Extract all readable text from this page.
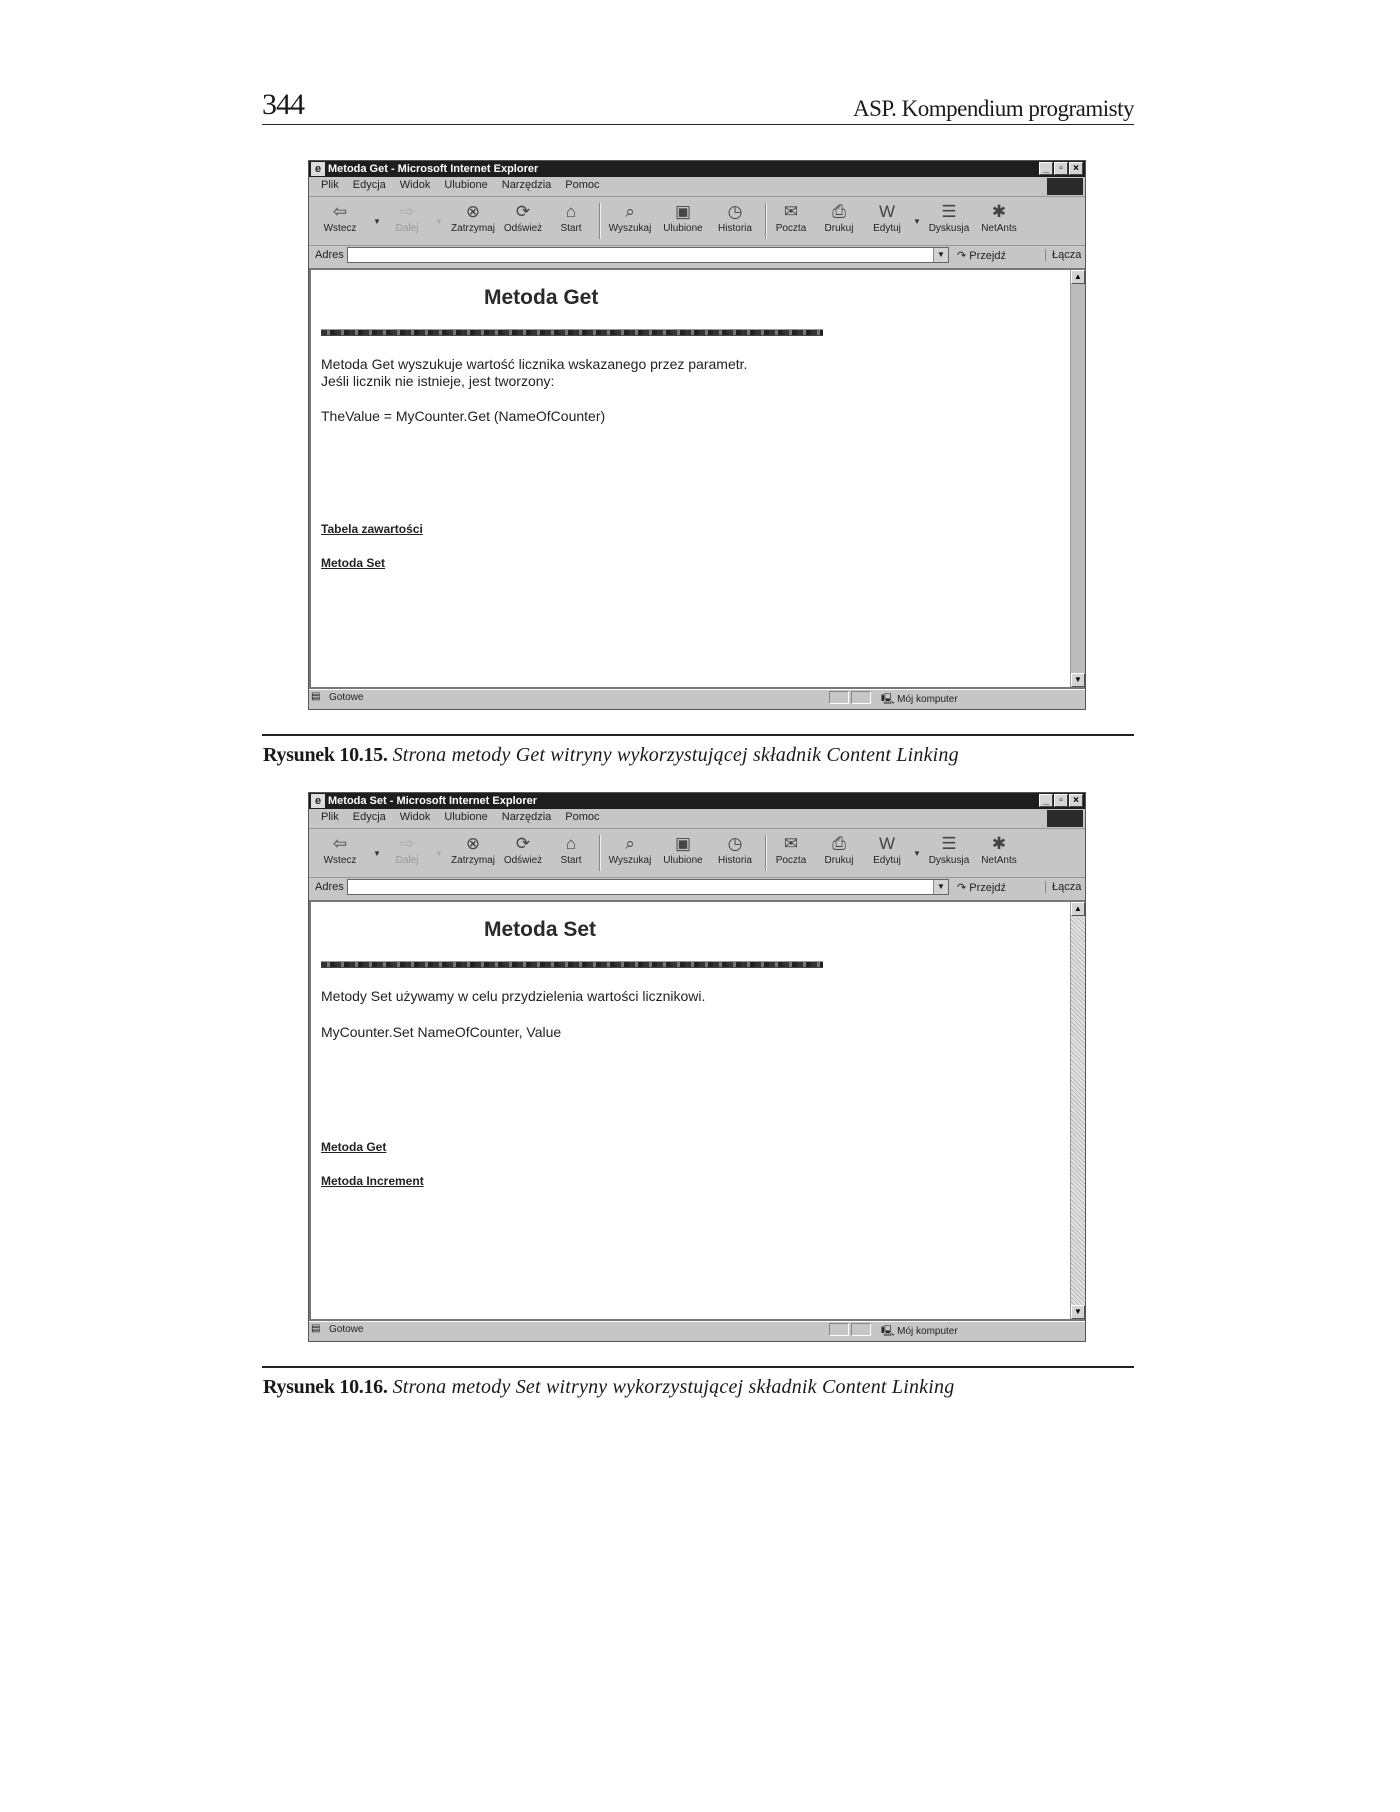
344	ASP. Kompendium programisty
e Metoda Get - Microsoft Internet Explorer	_	▫	×
Plik Edycja Widok Ulubione Narzędzia Pomoc
⇦
Wstecz
▼
⇨
Dalej
▼
⊗
Zatrzymaj
⟳
Odśwież
⌂
Start
⌕
Wyszukaj
▣
Ulubione
◷
Historia
✉
Poczta
⎙
Drukuj
W
Edytuj
▼
☰
Dyskusja
✱
NetAnts
Adres	▼ ↷ Przejdź	Łącza
Metoda Get
Metoda Get wyszukuje wartość licznika wskazanego przez parametr.
Jeśli licznik nie istnieje, jest tworzony:
TheValue = MyCounter.Get (NameOfCounter)
Tabela zawartości
Metoda Set
▲
▼
▤ Gotowe	🖳 Mój komputer
Rysunek 10.15. Strona metody Get witryny wykorzystującej składnik Content Linking
e Metoda Set - Microsoft Internet Explorer	_	▫	×
Plik Edycja Widok Ulubione Narzędzia Pomoc
⇦
Wstecz
▼
⇨
Dalej
▼
⊗
Zatrzymaj
⟳
Odśwież
⌂
Start
⌕
Wyszukaj
▣
Ulubione
◷
Historia
✉
Poczta
⎙
Drukuj
W
Edytuj
▼
☰
Dyskusja
✱
NetAnts
Adres	▼ ↷ Przejdź	Łącza
Metoda Set
Metody Set używamy w celu przydzielenia wartości licznikowi.
MyCounter.Set NameOfCounter, Value
Metoda Get
Metoda Increment
▲
▼
▤ Gotowe	🖳 Mój komputer
Rysunek 10.16. Strona metody Set witryny wykorzystującej składnik Content Linking
